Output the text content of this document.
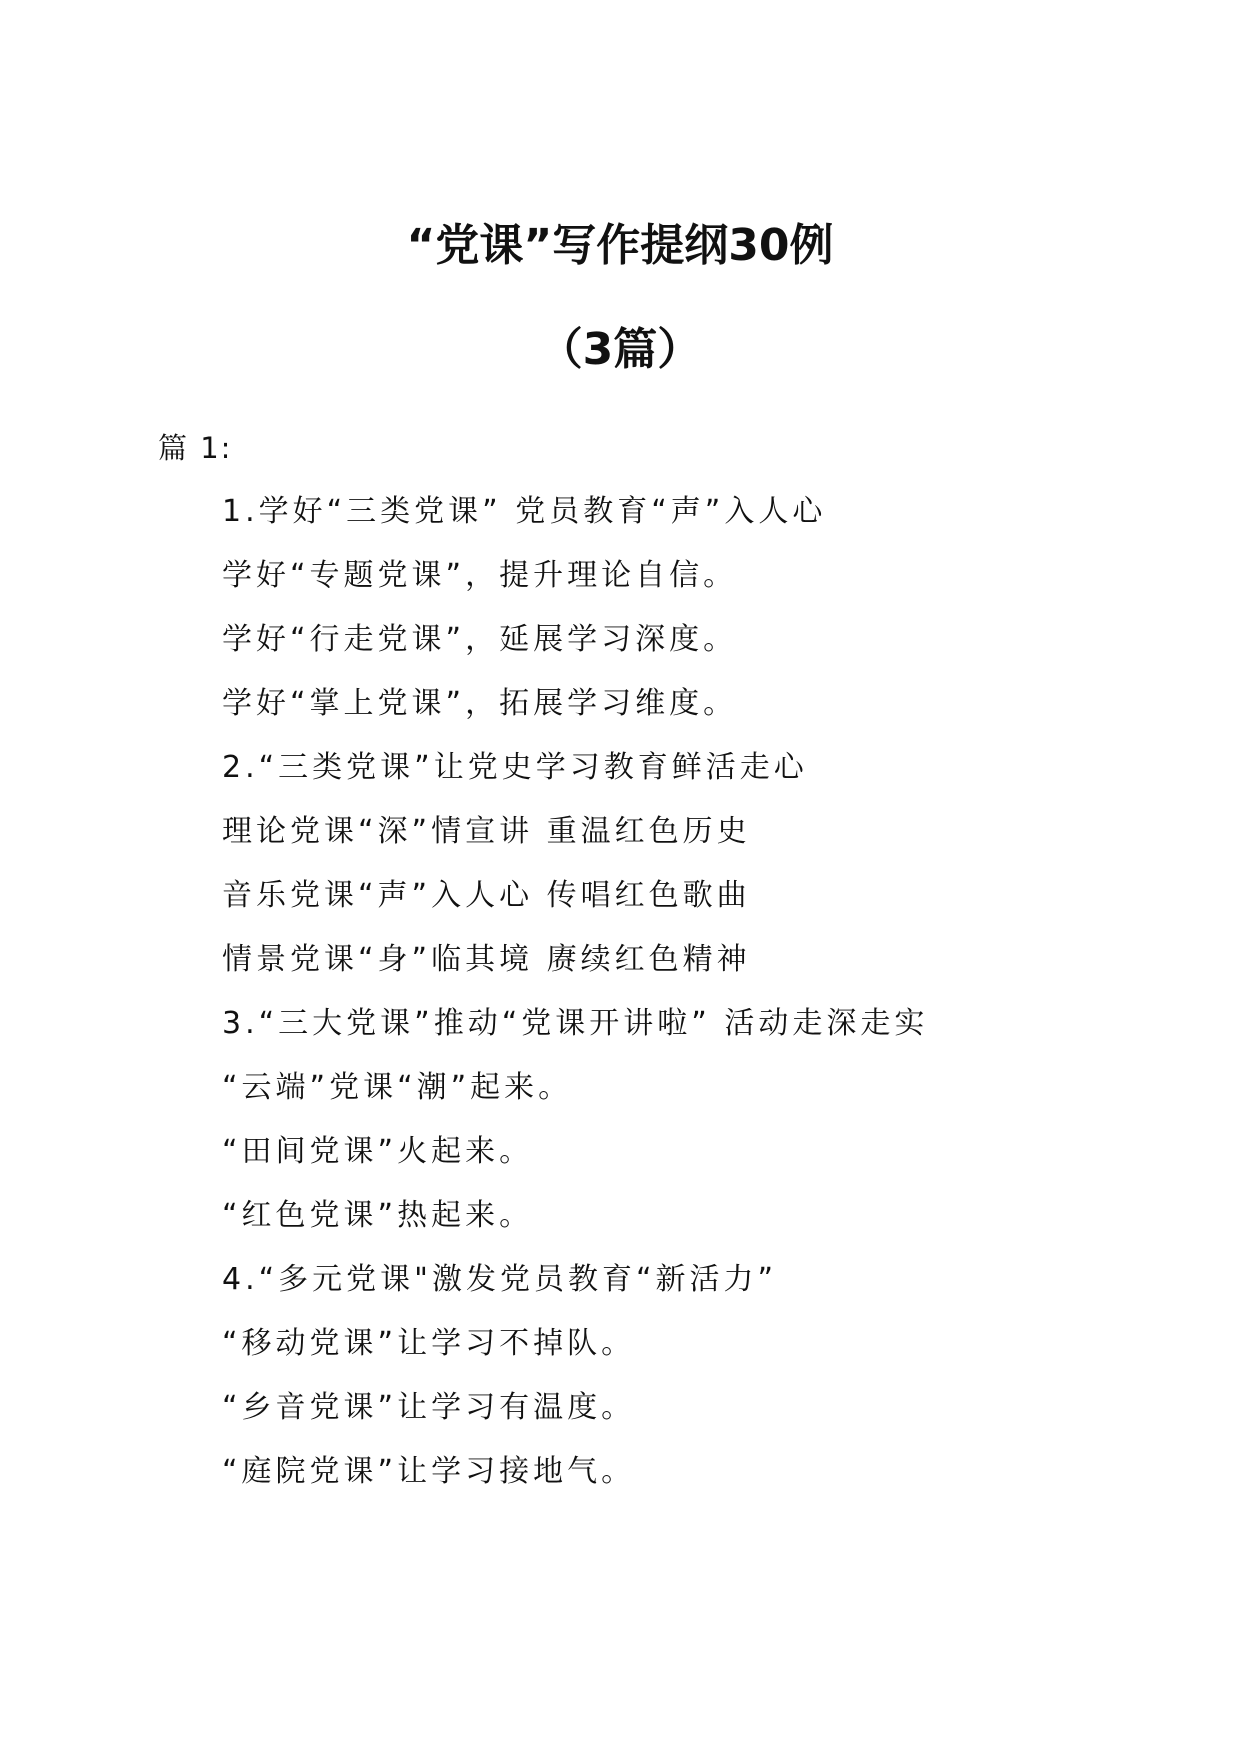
“党课”写作提纲30例
（3篇）
篇 1:
1.学好“三类党课” 党员教育“声”入人心
学好“专题党课”，提升理论自信。
学好“行走党课”，延展学习深度。
学好“掌上党课”，拓展学习维度。
2.“三类党课”让党史学习教育鲜活走心
理论党课“深”情宣讲 重温红色历史
音乐党课“声”入人心 传唱红色歌曲
情景党课“身”临其境 赓续红色精神
3.“三大党课”推动“党课开讲啦” 活动走深走实
“云端”党课“潮”起来。
“田间党课”火起来。
“红色党课”热起来。
4.“多元党课"激发党员教育“新活力”
“移动党课”让学习不掉队。
“乡音党课”让学习有温度。
“庭院党课”让学习接地气。
